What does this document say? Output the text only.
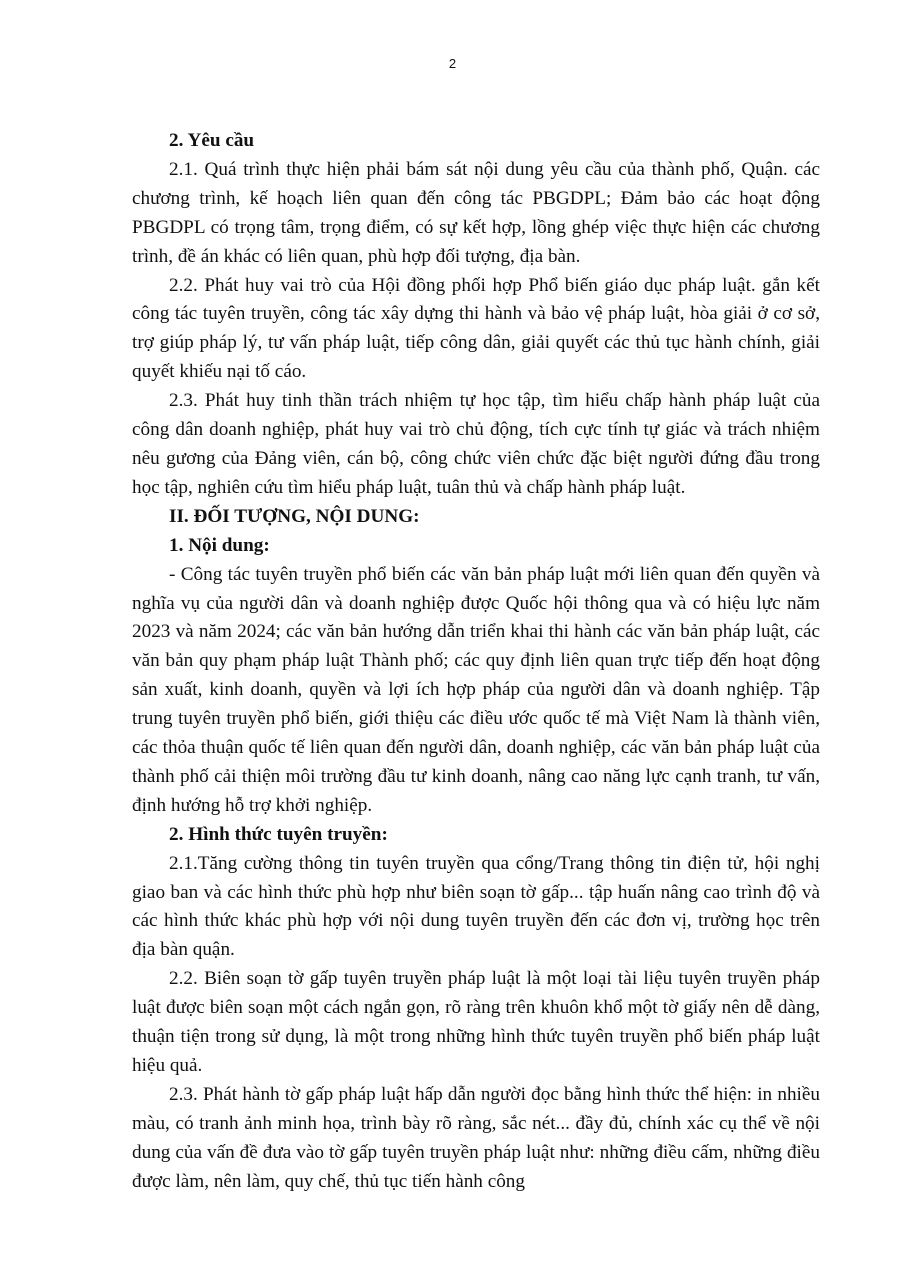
2

2. Yêu cầu

2.1. Quá trình thực hiện phải bám sát nội dung yêu cầu của thành phố, Quận. các chương trình, kế hoạch liên quan đến công tác PBGDPL; Đảm bảo các hoạt động PBGDPL có trọng tâm, trọng điểm, có sự kết hợp, lồng ghép việc thực hiện các chương trình, đề án khác có liên quan, phù hợp đối tượng, địa bàn.

2.2. Phát huy vai trò của Hội đồng phối hợp Phổ biến giáo dục pháp luật. gắn kết công tác tuyên truyền, công tác xây dựng thi hành và bảo vệ pháp luật, hòa giải ở cơ sở, trợ giúp pháp lý, tư vấn pháp luật, tiếp công dân, giải quyết các thủ tục hành chính, giải quyết khiếu nại tố cáo.

2.3. Phát huy tinh thần trách nhiệm tự học tập, tìm hiểu chấp hành pháp luật của công dân doanh nghiệp, phát huy vai trò chủ động, tích cực tính tự giác và trách nhiệm nêu gương của Đảng viên, cán bộ, công chức viên chức đặc biệt người đứng đầu trong học tập, nghiên cứu tìm hiểu pháp luật, tuân thủ và chấp hành pháp luật.

II. ĐỐI TƯỢNG, NỘI DUNG:

1. Nội dung:

- Công tác tuyên truyền phổ biến các văn bản pháp luật mới liên quan đến quyền và nghĩa vụ của người dân và doanh nghiệp được Quốc hội thông qua và có hiệu lực năm 2023 và năm 2024; các văn bản hướng dẫn triển khai thi hành các văn bản pháp luật, các văn bản quy phạm pháp luật Thành phố; các quy định liên quan trực tiếp đến hoạt động sản xuất, kinh doanh, quyền và lợi ích hợp pháp của người dân và doanh nghiệp. Tập trung tuyên truyền phổ biến, giới thiệu các điều ước quốc tế mà Việt Nam là thành viên, các thỏa thuận quốc tế liên quan đến người dân, doanh nghiệp, các văn bản pháp luật của thành phố cải thiện môi trường đầu tư kinh doanh, nâng cao năng lực cạnh tranh, tư vấn, định hướng hỗ trợ khởi nghiệp.

2. Hình thức tuyên truyền:

2.1.Tăng cường thông tin tuyên truyền qua cổng/Trang thông tin điện tử, hội nghị giao ban và các hình thức phù hợp như biên soạn tờ gấp... tập huấn nâng cao trình độ và các hình thức khác phù hợp với nội dung tuyên truyền đến các đơn vị, trường học trên địa bàn quận.

2.2. Biên soạn tờ gấp tuyên truyền pháp luật là một loại tài liệu tuyên truyền pháp luật được biên soạn một cách ngắn gọn, rõ ràng trên khuôn khổ một tờ giấy nên dễ dàng, thuận tiện trong sử dụng, là một trong những hình thức tuyên truyền phổ biến pháp luật hiệu quả.

2.3. Phát hành tờ gấp pháp luật hấp dẫn người đọc bằng hình thức thể hiện: in nhiều màu, có tranh ảnh minh họa, trình bày rõ ràng, sắc nét... đầy đủ, chính xác cụ thể về nội dung của vấn đề đưa vào tờ gấp tuyên truyền pháp luật như: những điều cấm, những điều được làm, nên làm, quy chế, thủ tục tiến hành công
